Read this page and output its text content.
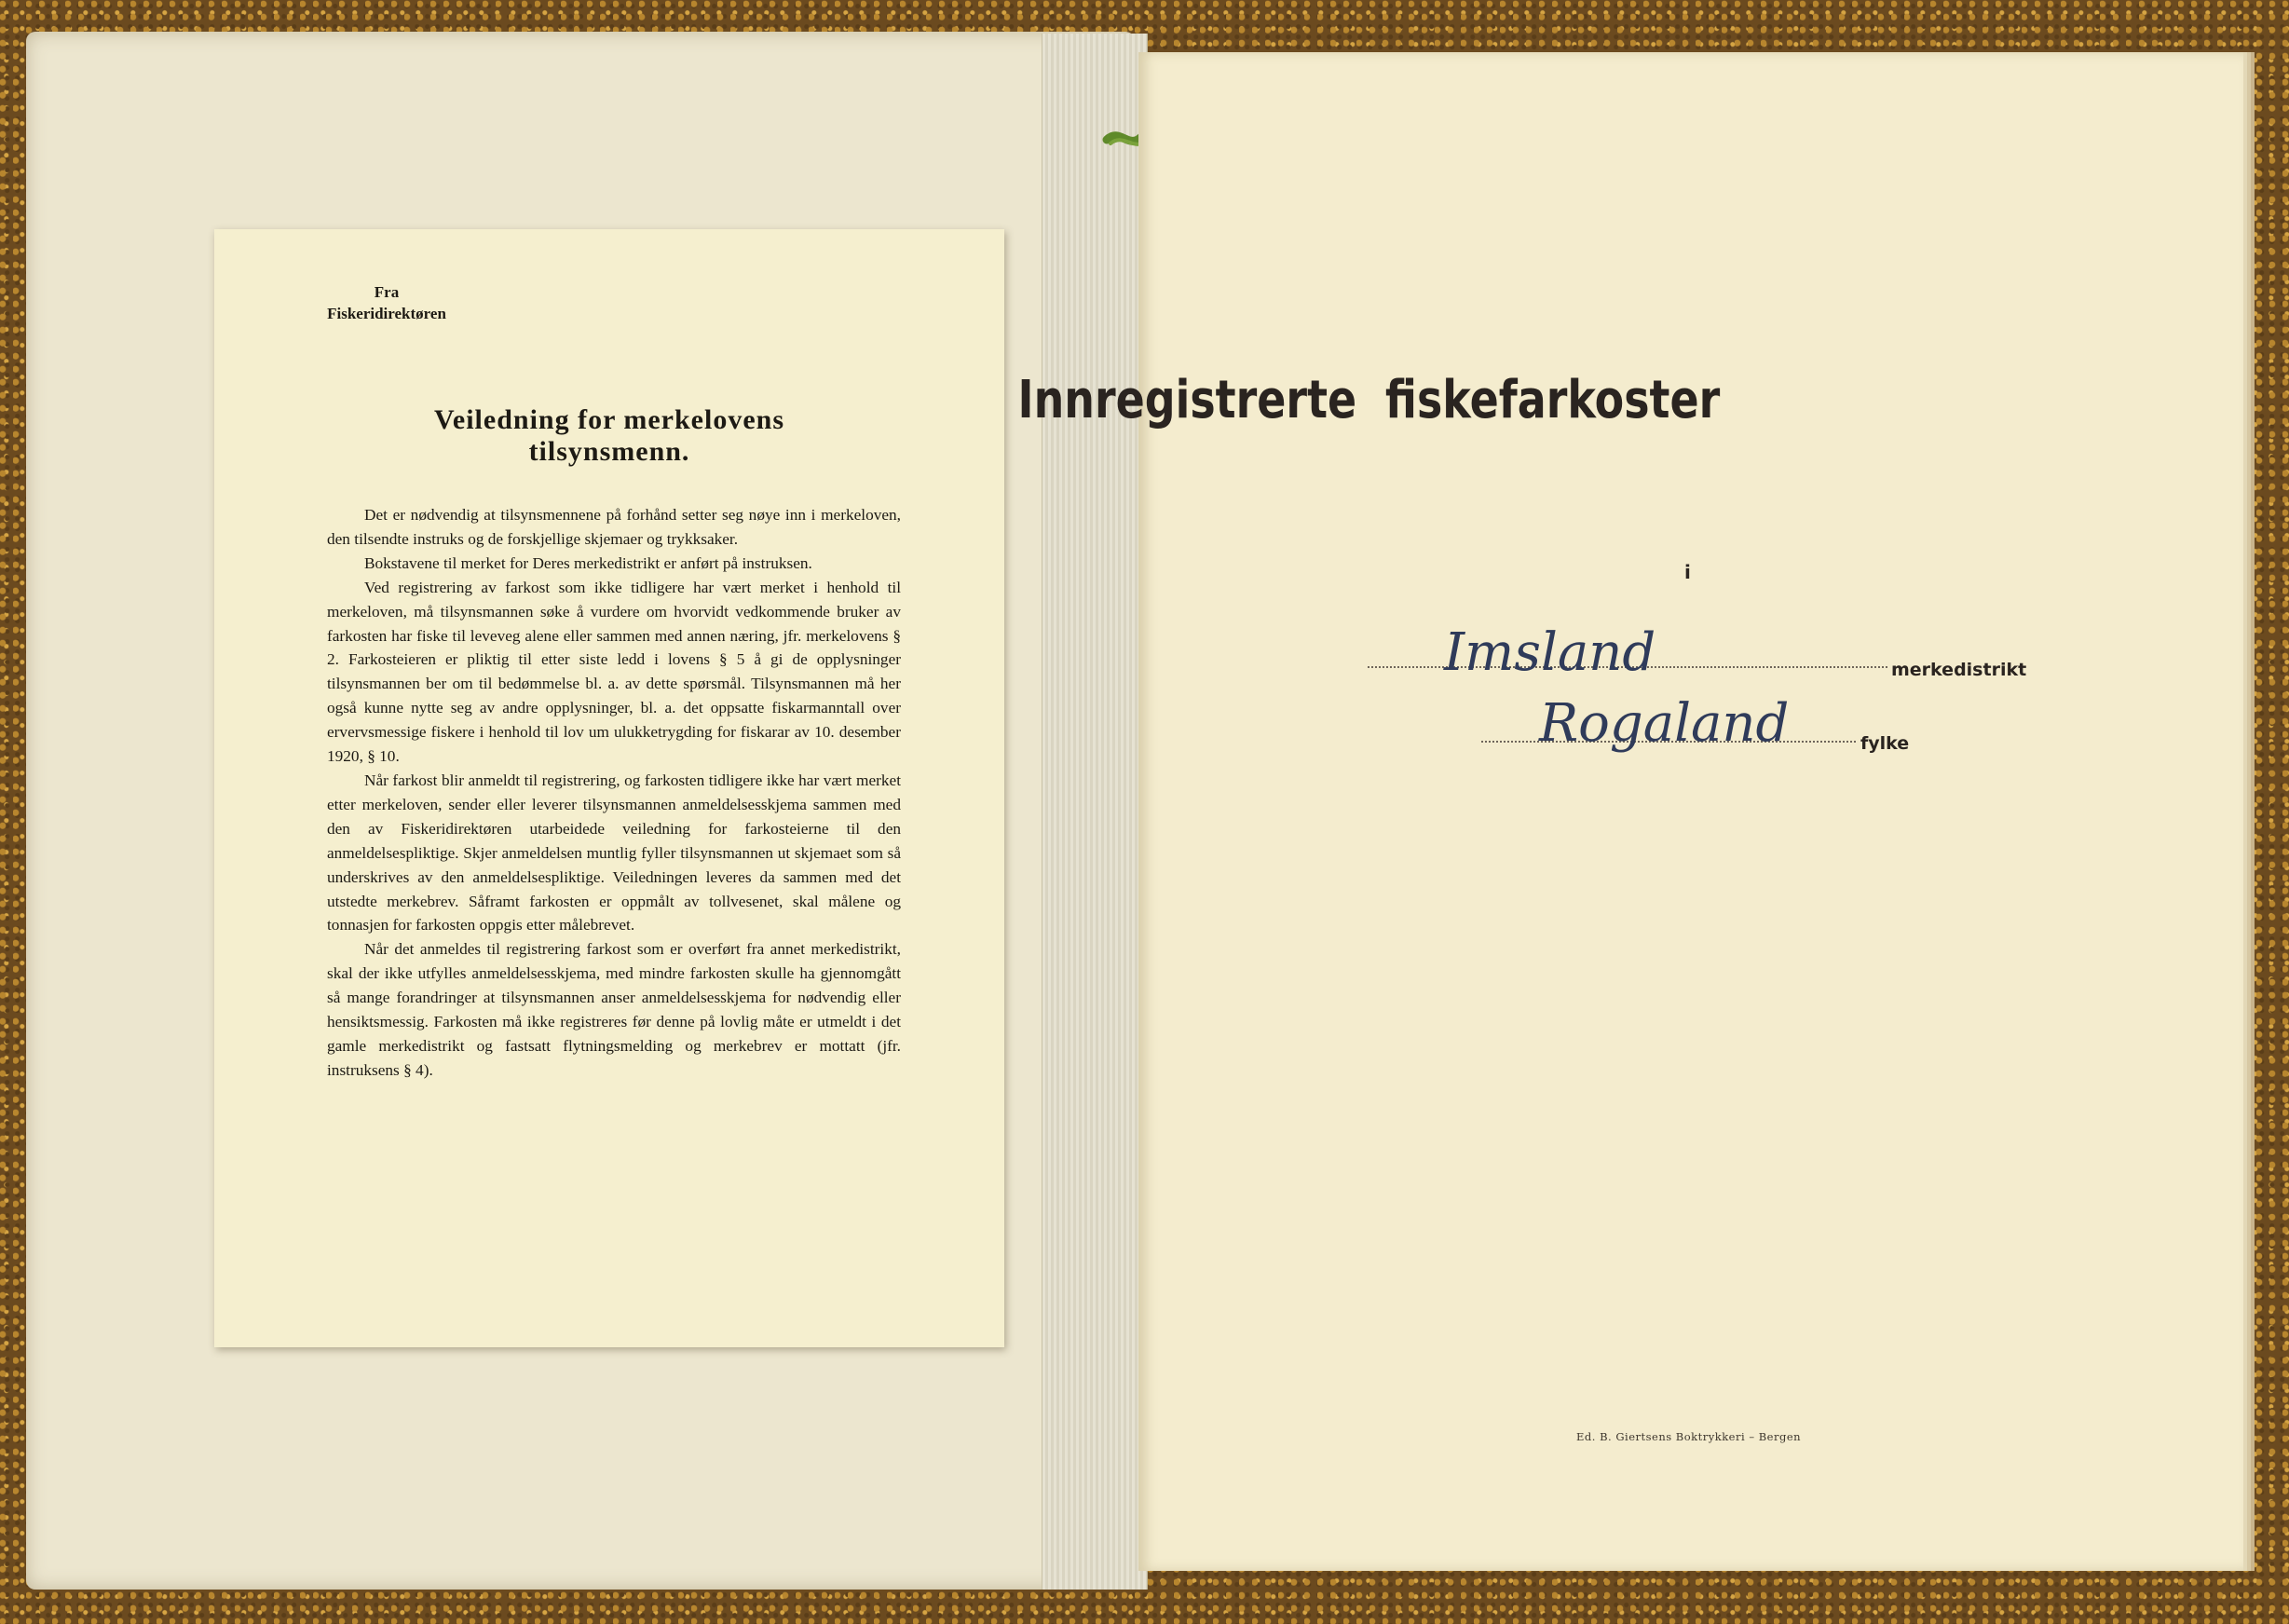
Fra
Fiskeridirektøren
Veiledning for merkelovens
tilsynsmenn.

Det er nødvendig at tilsynsmennene på forhånd setter seg nøye inn i merkeloven, den tilsendte instruks og de forskjellige skjemaer og trykksaker.

Bokstavene til merket for Deres merkedistrikt er anført på instruksen.

Ved registrering av farkost som ikke tidligere har vært merket i henhold til merkeloven, må tilsynsmannen søke å vurdere om hvorvidt vedkommende bruker av farkosten har fiske til leveveg alene eller sammen med annen næring, jfr. merkelovens § 2. Farkosteieren er pliktig til etter siste ledd i lovens § 5 å gi de opplysninger tilsynsmannen ber om til bedømmelse bl. a. av dette spørsmål. Tilsynsmannen må her også kunne nytte seg av andre opplysninger, bl. a. det oppsatte fiskarmanntall over ervervsmessige fiskere i henhold til lov um ulukketrygding for fiskarar av 10. desember 1920, § 10.

Når farkost blir anmeldt til registrering, og farkosten tidligere ikke har vært merket etter merkeloven, sender eller leverer tilsynsmannen anmeldelsesskjema sammen med den av Fiskeridirektøren utarbeidede veiledning for farkosteierne til den anmeldelsespliktige. Skjer anmeldelsen muntlig fyller tilsynsmannen ut skjemaet som så underskrives av den anmeldelsespliktige. Veiledningen leveres da sammen med det utstedte merkebrev. Såframt farkosten er oppmålt av tollvesenet, skal målene og tonnasjen for farkosten oppgis etter målebrevet.

Når det anmeldes til registrering farkost som er overført fra annet merkedistrikt, skal der ikke utfylles anmeldelsesskjema, med mindre farkosten skulle ha gjennomgått så mange forandringer at tilsynsmannen anser anmeldelsesskjema for nødvendig eller hensiktsmessig. Farkosten må ikke registreres før denne på lovlig måte er utmeldt i det gamle merkedistrikt og fastsatt flytningsmelding og merkebrev er mottatt (jfr. instruksens § 4).

Innregistrerte fiskefarkoster
i
Imsland	merkedistrikt
Rogaland	fylke
Ed. B. Giertsens Boktrykkeri – Bergen
